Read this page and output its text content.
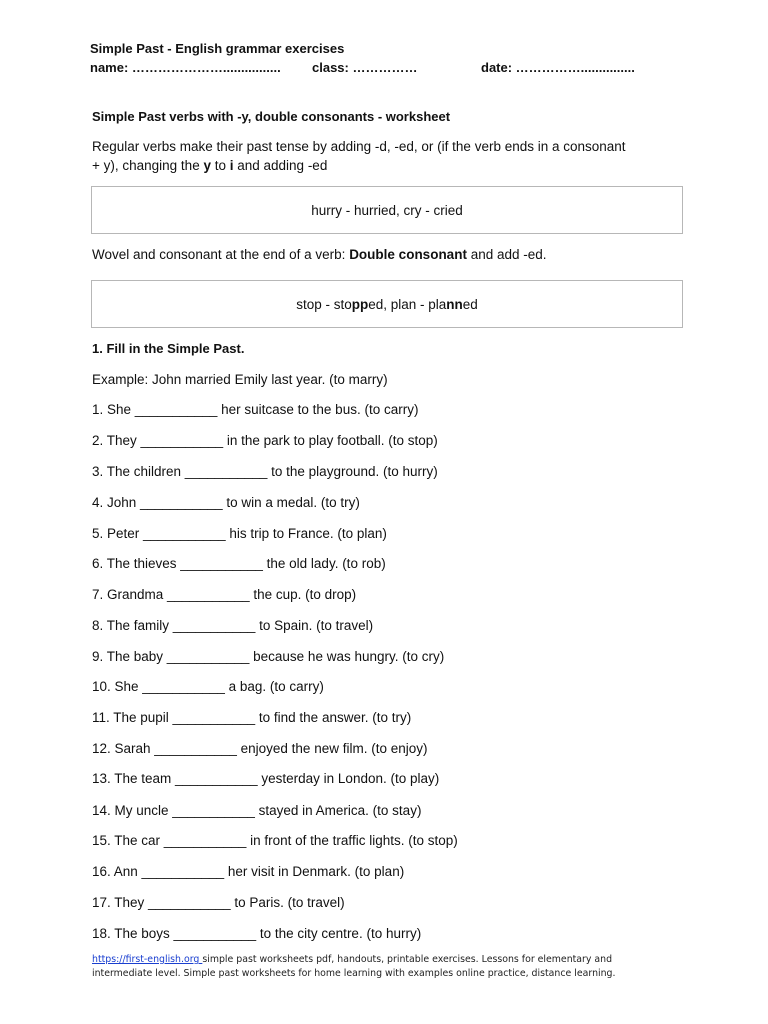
Simple Past - English grammar exercises
name: …………………................ class: ……………	date: ……………...............
Simple Past verbs with -y, double consonants - worksheet
Regular verbs make their past tense by adding -d, -ed, or (if the verb ends in a consonant
+ y), changing the y to i and adding -ed
hurry - hurried, cry - cried
Wovel and consonant at the end of a verb: Double consonant and add -ed.
stop - stopped, plan - planned
1. Fill in the Simple Past.
Example: John married Emily last year. (to marry)
1. She ___________ her suitcase to the bus. (to carry)
2. They ___________ in the park to play football. (to stop)
3. The children ___________ to the playground. (to hurry)
4. John ___________ to win a medal. (to try)
5. Peter ___________ his trip to France. (to plan)
6. The thieves ___________ the old lady. (to rob)
7. Grandma ___________ the cup. (to drop)
8. The family ___________ to Spain. (to travel)
9. The baby ___________ because he was hungry. (to cry)
10. She ___________ a bag. (to carry)
11. The pupil ___________ to find the answer. (to try)
12. Sarah ___________ enjoyed the new film. (to enjoy)
13. The team ___________ yesterday in London. (to play)
14. My uncle ___________ stayed in America. (to stay)
15. The car ___________ in front of the traffic lights. (to stop)
16. Ann ___________ her visit in Denmark. (to plan)
17. They ___________ to Paris. (to travel)
18. The boys ___________ to the city centre. (to hurry)
https://first-english.org simple past worksheets pdf, handouts, printable exercises. Lessons for elementary and
intermediate level. Simple past worksheets for home learning with examples online practice, distance learning.
